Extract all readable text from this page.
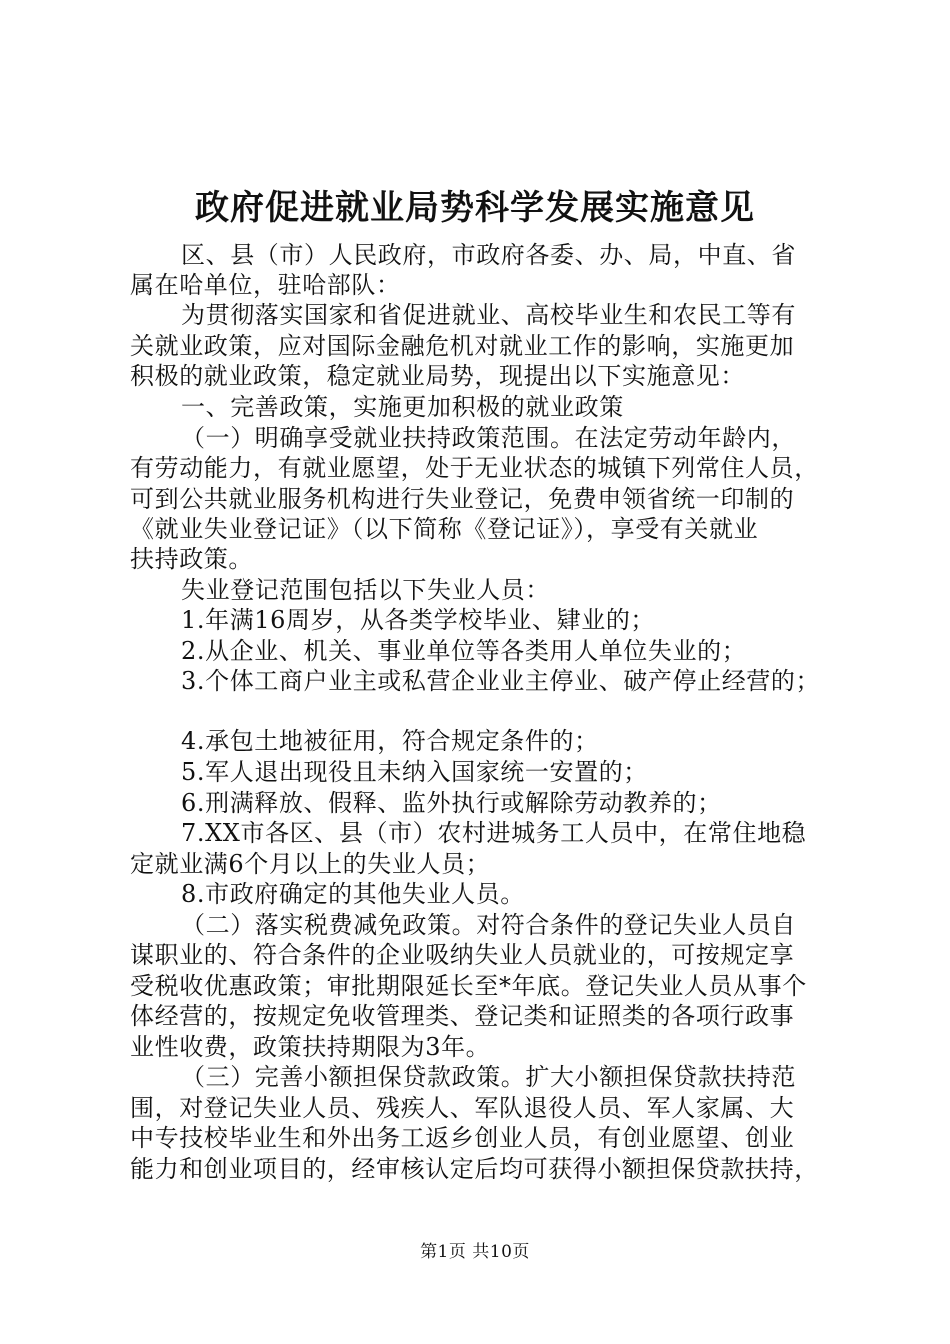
政府促进就业局势科学发展实施意见
区、县（市）人民政府，市政府各委、办、局，中直、省
属在哈单位，驻哈部队：
为贯彻落实国家和省促进就业、高校毕业生和农民工等有
关就业政策，应对国际金融危机对就业工作的影响，实施更加
积极的就业政策，稳定就业局势，现提出以下实施意见：
一、完善政策，实施更加积极的就业政策
（一）明确享受就业扶持政策范围。在法定劳动年龄内，
有劳动能力，有就业愿望，处于无业状态的城镇下列常住人员，
可到公共就业服务机构进行失业登记，免费申领省统一印制的
《就业失业登记证》（以下简称《登记证》），享受有关就业
扶持政策。
失业登记范围包括以下失业人员：
1.年满16周岁，从各类学校毕业、肄业的；
2.从企业、机关、事业单位等各类用人单位失业的；
3.个体工商户业主或私营企业业主停业、破产停止经营的；
4.承包土地被征用，符合规定条件的；
5.军人退出现役且未纳入国家统一安置的；
6.刑满释放、假释、监外执行或解除劳动教养的；
7.XX市各区、县（市）农村进城务工人员中，在常住地稳
定就业满6个月以上的失业人员；
8.市政府确定的其他失业人员。
（二）落实税费减免政策。对符合条件的登记失业人员自
谋职业的、符合条件的企业吸纳失业人员就业的，可按规定享
受税收优惠政策；审批期限延长至*年底。登记失业人员从事个
体经营的，按规定免收管理类、登记类和证照类的各项行政事
业性收费，政策扶持期限为3年。
（三）完善小额担保贷款政策。扩大小额担保贷款扶持范
围，对登记失业人员、残疾人、军队退役人员、军人家属、大
中专技校毕业生和外出务工返乡创业人员，有创业愿望、创业
能力和创业项目的，经审核认定后均可获得小额担保贷款扶持，
第1页 共10页
